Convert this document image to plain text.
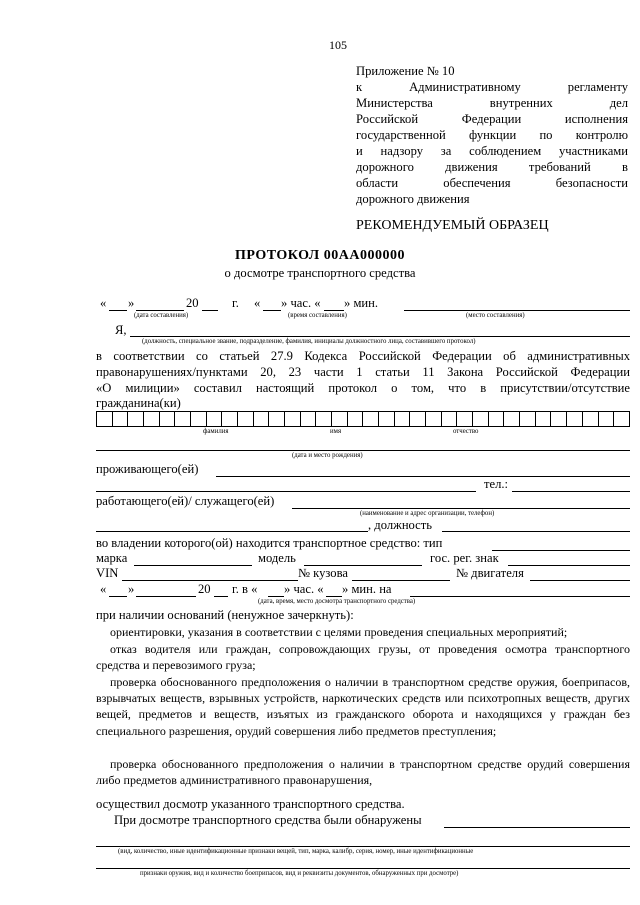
105
Приложение № 10
к Административному регламенту
Министерства внутренних дел
Российской Федерации исполнения
государственной функции по контролю
и надзору за соблюдением участниками
дорожного движения требований в
области обеспечения безопасности
дорожного движения
РЕКОМЕНДУЕМЫЙ ОБРАЗЕЦ
ПРОТОКОЛ 00АА000000
о досмотре транспортного средства
« »	20	г. « » час. « » мин.
(дата составления)	(время составления)	(место составления)
Я,
(должность, специальное звание, подразделение, фамилия, инициалы должностного лица, составившего протокол)
в соответствии со статьей 27.9 Кодекса Российской Федерации об административных
правонарушениях/пунктами 20, 23 части 1 статьи 11 Закона Российской Федерации
«О милиции» составил настоящий протокол о том, что в присутствии/отсутствие
гражданина(ки)
фамилия	имя	отчество
(дата и место рождения)
проживающего(ей)
тел.:
работающего(ей)/ служащего(ей)
(наименование и адрес организации, телефон)
, должность
во владении которого(ой) находится транспортное средство: тип
марка	модель	гос. рег. знак
VIN	№ кузова	№ двигателя
« »	20 г. в « » час. « » мин. на
(дата, время, место досмотра транспортного средства)
при наличии оснований (ненужное зачеркнуть):
ориентировки, указания в соответствии с целями проведения специальных мероприятий;
отказ водителя или граждан, сопровождающих грузы, от проведения осмотра транспортного средства и перевозимого груза;
проверка обоснованного предположения о наличии в транспортном средстве оружия, боеприпасов, взрывчатых веществ, взрывных устройств, наркотических средств или психотропных веществ, других вещей, предметов и веществ, изъятых из гражданского оборота и находящихся у граждан без специального разрешения, орудий совершения либо предметов преступления;
проверка обоснованного предположения о наличии в транспортном средстве орудий совершения либо предметов административного правонарушения,
осуществил досмотр указанного транспортного средства.
При досмотре транспортного средства были обнаружены
(вид, количество, иные идентификационные признаки вещей, тип, марка, калибр, серия, номер, иные идентификационные
признаки оружия, вид и количество боеприпасов, вид и реквизиты документов, обнаруженных при досмотре)
